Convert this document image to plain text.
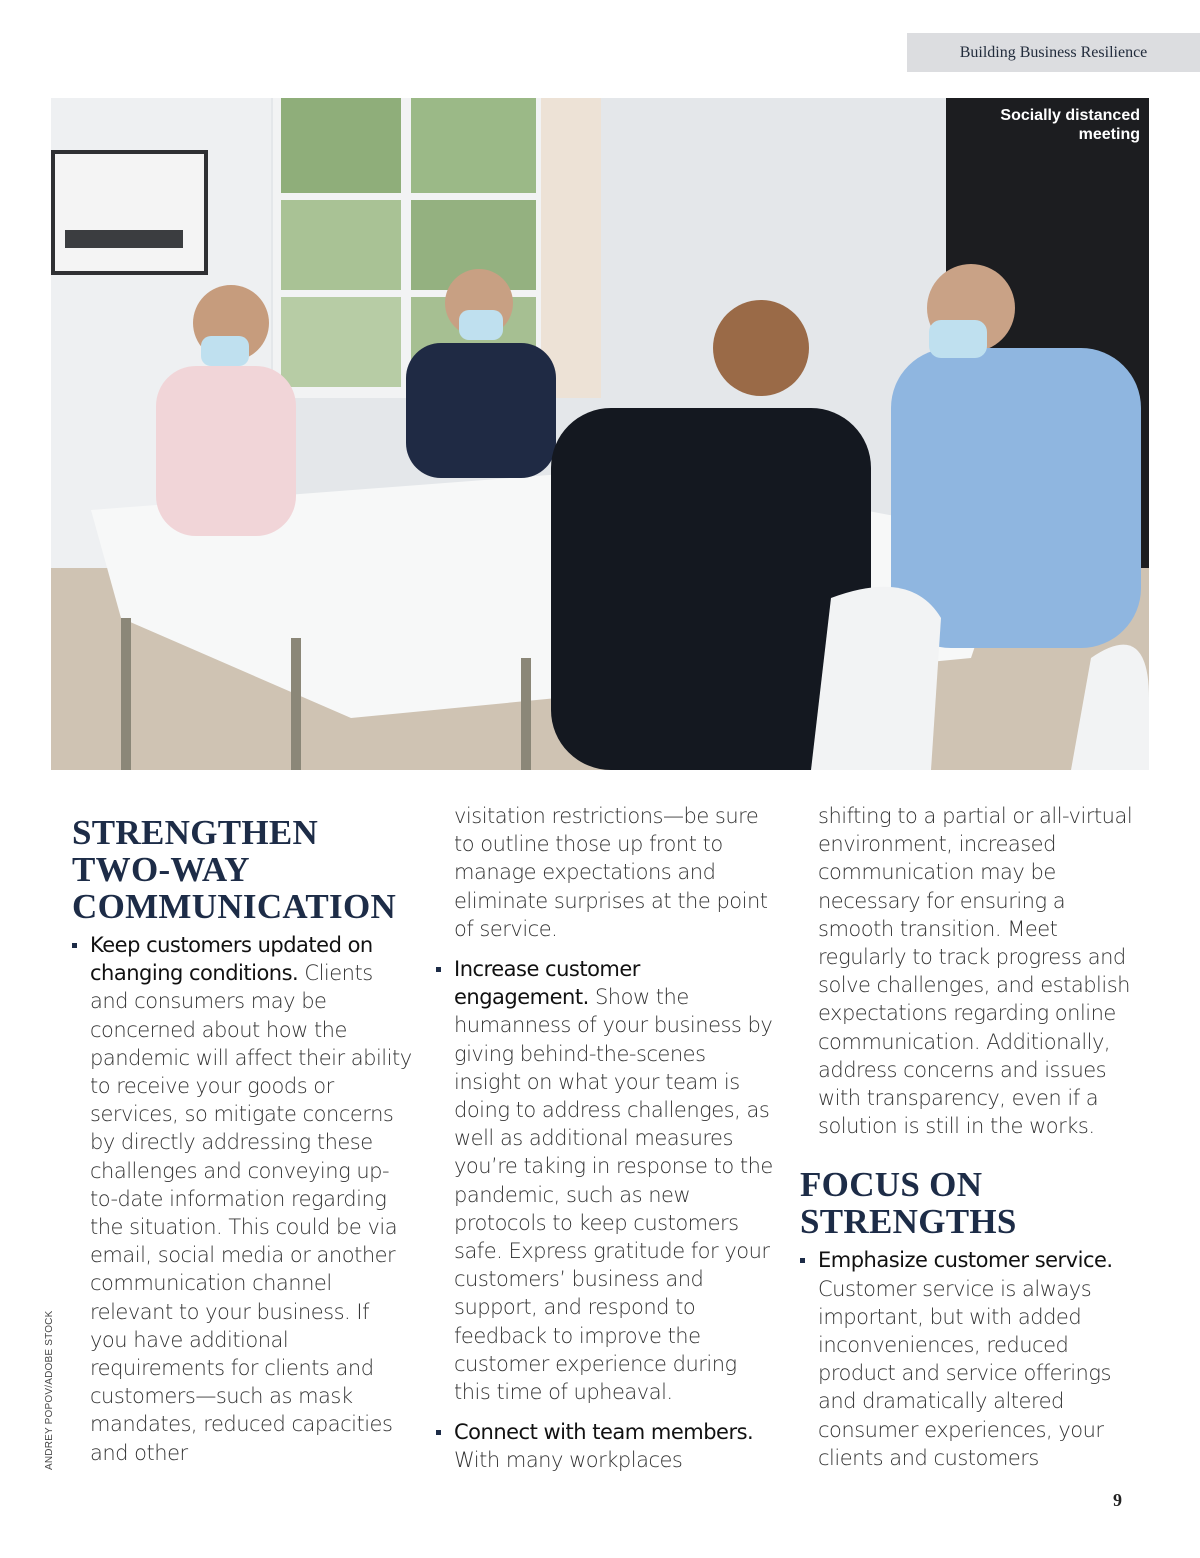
Building Business Resilience
Socially distanced meeting
ANDREY POPOV/ADOBE STOCK
STRENGTHEN TWO-WAY COMMUNICATION
Keep customers updated on changing conditions. Clients and consumers may be concerned about how the pandemic will affect their ability to receive your goods or services, so mitigate concerns by directly addressing these challenges and conveying up-to-date information regarding the situation. This could be via email, social media or another communication channel relevant to your business. If you have additional requirements for clients and customers—such as mask mandates, reduced capacities and other

visitation restrictions—be sure to outline those up front to manage expectations and eliminate surprises at the point of service.

Increase customer engagement. Show the humanness of your business by giving behind-the-scenes insight on what your team is doing to address challenges, as well as additional measures you’re taking in response to the pandemic, such as new protocols to keep customers safe. Express gratitude for your customers’ business and support, and respond to feedback to improve the customer experience during this time of upheaval.
Connect with team members. With many workplaces

shifting to a partial or all-virtual environment, increased communication may be necessary for ensuring a smooth transition. Meet regularly to track progress and solve challenges, and establish expectations regarding online communication. Additionally, address concerns and issues with transparency, even if a solution is still in the works.

FOCUS ON STRENGTHS
Emphasize customer service. Customer service is always important, but with added inconveniences, reduced product and service offerings and dramatically altered consumer experiences, your clients and customers
9
